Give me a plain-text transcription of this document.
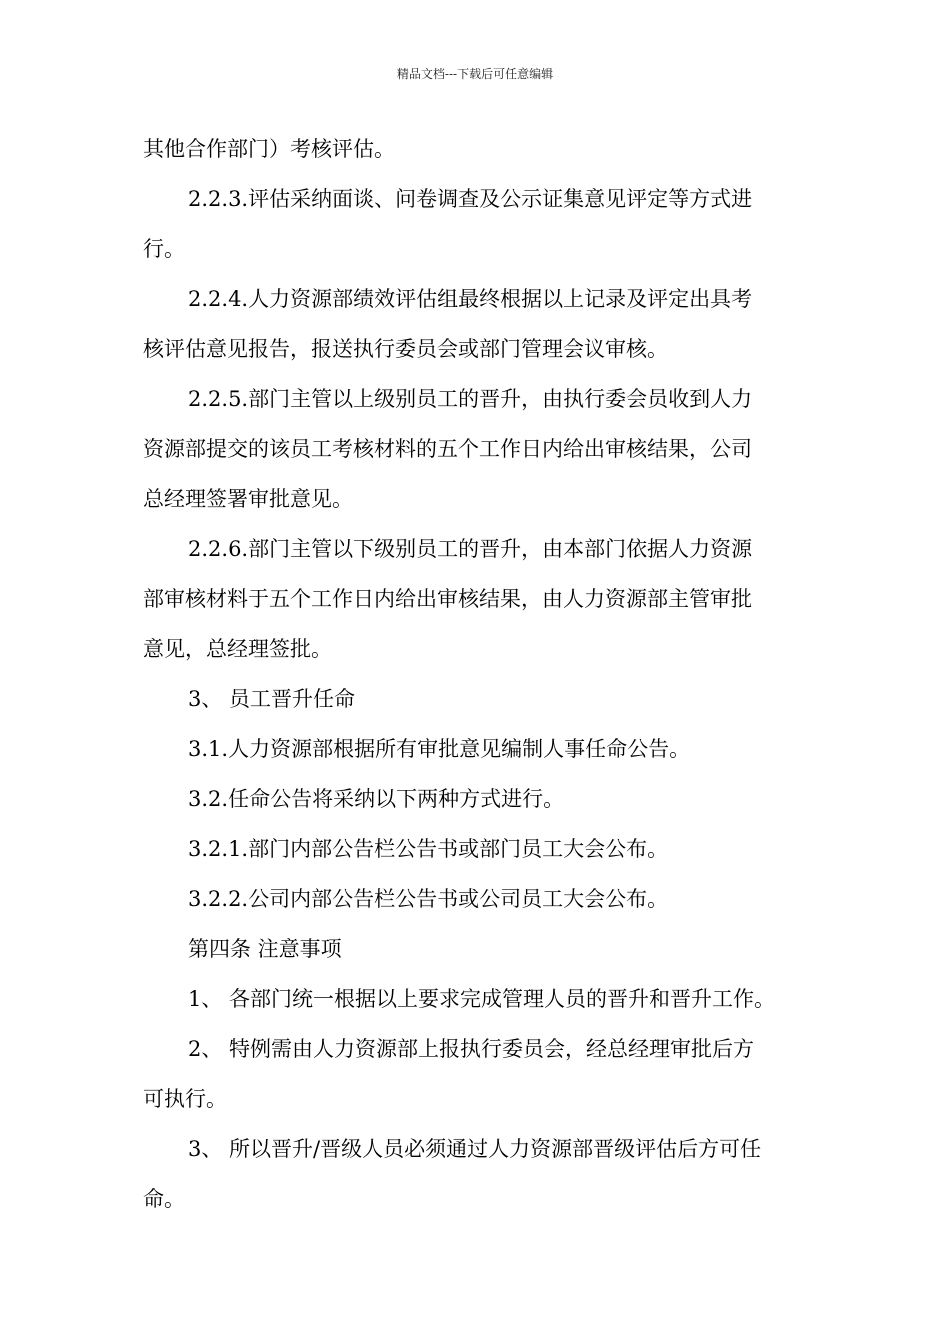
精品文档---下载后可任意编辑

其他合作部门）考核评估。

2.2.3.评估采纳面谈、问卷调查及公示证集意见评定等方式进

行。

2.2.4.人力资源部绩效评估组最终根据以上记录及评定出具考

核评估意见报告，报送执行委员会或部门管理会议审核。

2.2.5.部门主管以上级别员工的晋升，由执行委会员收到人力

资源部提交的该员工考核材料的五个工作日内给出审核结果，公司

总经理签署审批意见。

2.2.6.部门主管以下级别员工的晋升，由本部门依据人力资源

部审核材料于五个工作日内给出审核结果，由人力资源部主管审批

意见，总经理签批。

3、 员工晋升任命

3.1.人力资源部根据所有审批意见编制人事任命公告。

3.2.任命公告将采纳以下两种方式进行。

3.2.1.部门内部公告栏公告书或部门员工大会公布。

3.2.2.公司内部公告栏公告书或公司员工大会公布。

第四条 注意事项

1、 各部门统一根据以上要求完成管理人员的晋升和晋升工作。

2、 特例需由人力资源部上报执行委员会，经总经理审批后方

可执行。

3、 所以晋升/晋级人员必须通过人力资源部晋级评估后方可任

命。
